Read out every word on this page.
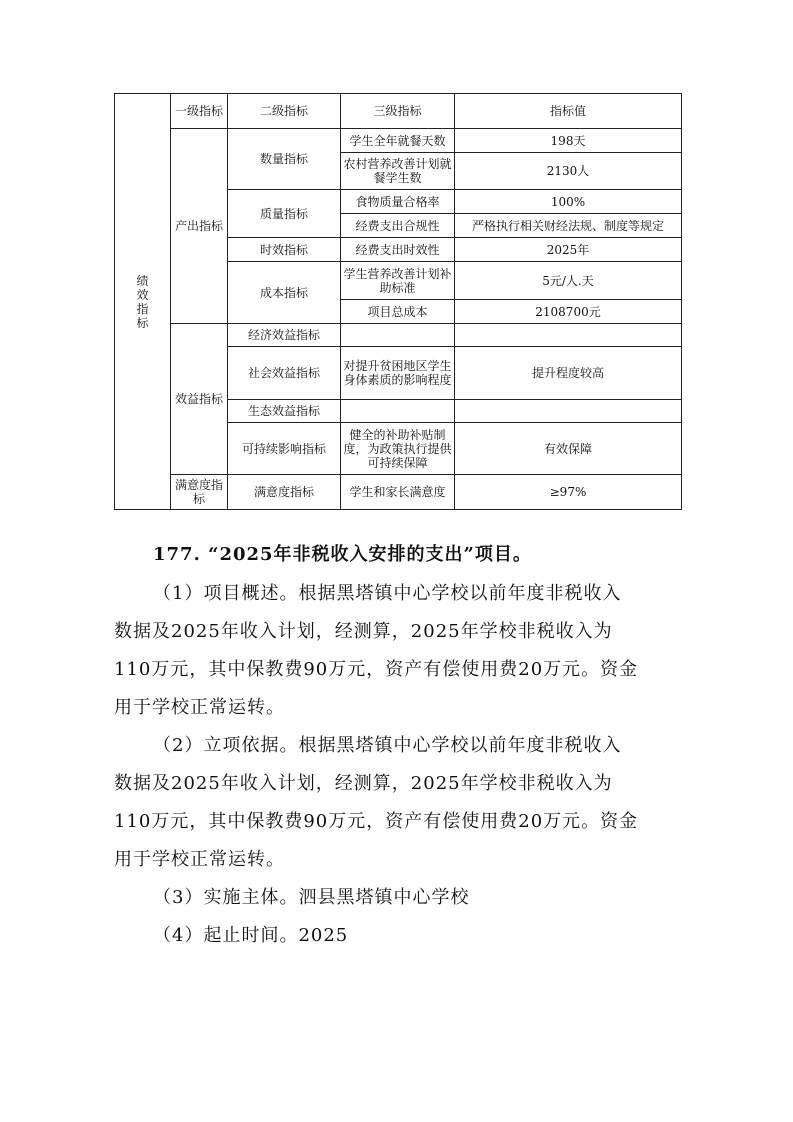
绩效指标	一级指标	二级指标	三级指标	指标值
	产出指标	数量指标	学生全年就餐天数	198天
			农村营养改善计划就餐学生数	2130人
		质量指标	食物质量合格率	100%
			经费支出合规性	严格执行相关财经法规、制度等规定
		时效指标	经费支出时效性	2025年
		成本指标	学生营养改善计划补助标准	5元/人.天
			项目总成本	2108700元
	效益指标	经济效益指标		
		社会效益指标	对提升贫困地区学生身体素质的影响程度	提升程度较高
		生态效益指标		
		可持续影响指标	健全的补助补贴制度，为政策执行提供可持续保障	有效保障
	满意度指标	满意度指标	学生和家长满意度	≥97%

177. “2025年非税收入安排的支出”项目。

（1）项目概述。根据黑塔镇中心学校以前年度非税收入

数据及2025年收入计划，经测算，2025年学校非税收入为

110万元，其中保教费90万元，资产有偿使用费20万元。资金

用于学校正常运转。

（2）立项依据。根据黑塔镇中心学校以前年度非税收入

数据及2025年收入计划，经测算，2025年学校非税收入为

110万元，其中保教费90万元，资产有偿使用费20万元。资金

用于学校正常运转。

（3）实施主体。泗县黑塔镇中心学校

（4）起止时间。2025
